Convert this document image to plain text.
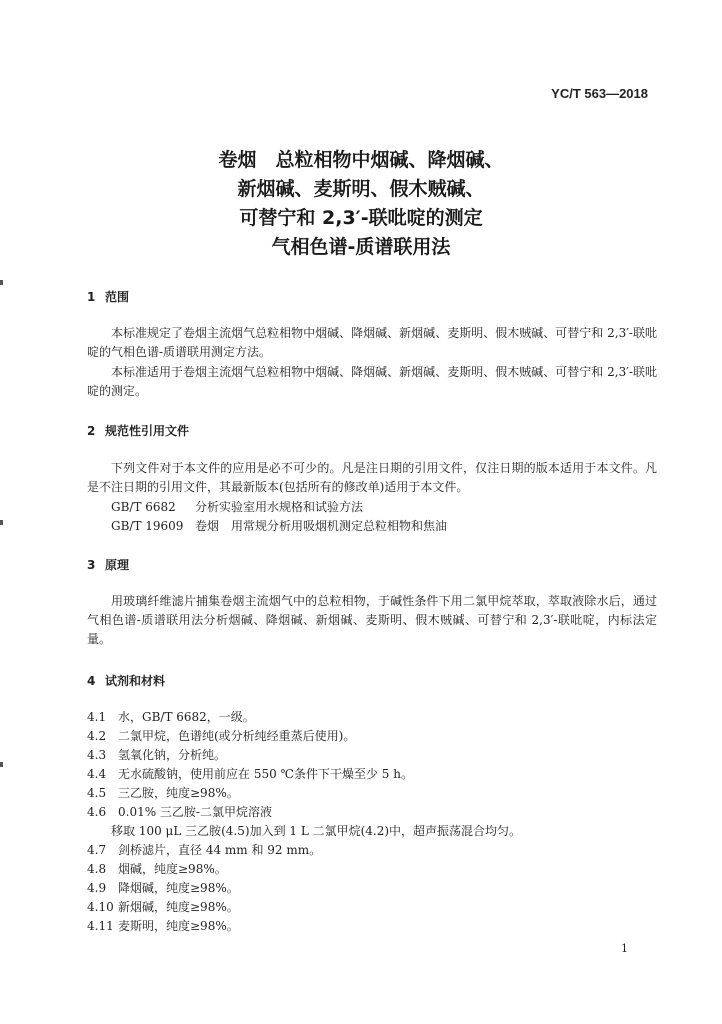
YC/T 563—2018
卷烟　总粒相物中烟碱、降烟碱、
新烟碱、麦斯明、假木贼碱、
可替宁和 2,3′-联吡啶的测定
气相色谱-质谱联用法
1 范围
本标准规定了卷烟主流烟气总粒相物中烟碱、降烟碱、新烟碱、麦斯明、假木贼碱、可替宁和 2,3′-联吡啶的气相色谱-质谱联用测定方法。
本标准适用于卷烟主流烟气总粒相物中烟碱、降烟碱、新烟碱、麦斯明、假木贼碱、可替宁和 2,3′-联吡啶的测定。
2 规范性引用文件
下列文件对于本文件的应用是必不可少的。凡是注日期的引用文件，仅注日期的版本适用于本文件。凡是不注日期的引用文件，其最新版本(包括所有的修改单)适用于本文件。
GB/T 6682 分析实验室用水规格和试验方法
GB/T 19609 卷烟　用常规分析用吸烟机测定总粒相物和焦油
3 原理
用玻璃纤维滤片捕集卷烟主流烟气中的总粒相物，于碱性条件下用二氯甲烷萃取，萃取液除水后，通过气相色谱-质谱联用法分析烟碱、降烟碱、新烟碱、麦斯明、假木贼碱、可替宁和 2,3′-联吡啶，内标法定量。
4 试剂和材料
4.1 水，GB/T 6682，一级。
4.2 二氯甲烷，色谱纯(或分析纯经重蒸后使用)。
4.3 氢氧化钠，分析纯。
4.4 无水硫酸钠，使用前应在 550 ℃条件下干燥至少 5 h。
4.5 三乙胺，纯度≥98%。
4.6 0.01% 三乙胺-二氯甲烷溶液
移取 100 μL 三乙胺(4.5)加入到 1 L 二氯甲烷(4.2)中，超声振荡混合均匀。
4.7 剑桥滤片，直径 44 mm 和 92 mm。
4.8 烟碱，纯度≥98%。
4.9 降烟碱，纯度≥98%。
4.10 新烟碱，纯度≥98%。
4.11 麦斯明，纯度≥98%。
1
